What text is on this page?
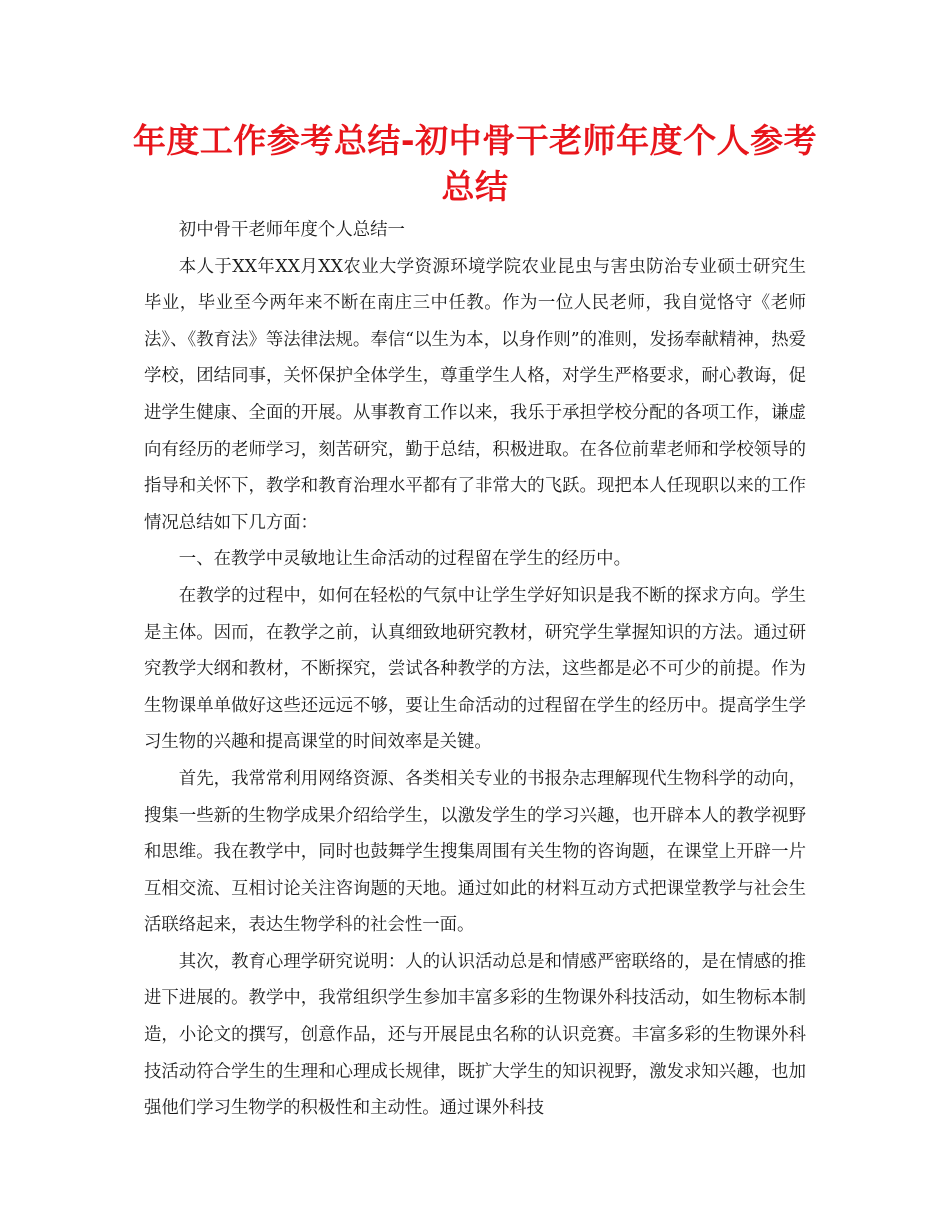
年度工作参考总结-初中骨干老师年度个人参考总结

初中骨干老师年度个人总结一

本人于XX年XX月XX农业大学资源环境学院农业昆虫与害虫防治专业硕士研究生毕业，毕业至今两年来不断在南庄三中任教。作为一位人民老师，我自觉恪守《老师法》、《教育法》等法律法规。奉信“以生为本，以身作则”的准则，发扬奉献精神，热爱学校，团结同事，关怀保护全体学生，尊重学生人格，对学生严格要求，耐心教诲，促进学生健康、全面的开展。从事教育工作以来，我乐于承担学校分配的各项工作，谦虚向有经历的老师学习，刻苦研究，勤于总结，积极进取。在各位前辈老师和学校领导的指导和关怀下，教学和教育治理水平都有了非常大的飞跃。现把本人任现职以来的工作情况总结如下几方面：

一、在教学中灵敏地让生命活动的过程留在学生的经历中。

在教学的过程中，如何在轻松的气氛中让学生学好知识是我不断的探求方向。学生是主体。因而，在教学之前，认真细致地研究教材，研究学生掌握知识的方法。通过研究教学大纲和教材，不断探究，尝试各种教学的方法，这些都是必不可少的前提。作为生物课单单做好这些还远远不够，要让生命活动的过程留在学生的经历中。提高学生学习生物的兴趣和提高课堂的时间效率是关键。

首先，我常常利用网络资源、各类相关专业的书报杂志理解现代生物科学的动向，搜集一些新的生物学成果介绍给学生，以激发学生的学习兴趣，也开辟本人的教学视野和思维。我在教学中，同时也鼓舞学生搜集周围有关生物的咨询题，在课堂上开辟一片互相交流、互相讨论关注咨询题的天地。通过如此的材料互动方式把课堂教学与社会生活联络起来，表达生物学科的社会性一面。

其次，教育心理学研究说明：人的认识活动总是和情感严密联络的，是在情感的推进下进展的。教学中，我常组织学生参加丰富多彩的生物课外科技活动，如生物标本制造，小论文的撰写，创意作品，还与开展昆虫名称的认识竞赛。丰富多彩的生物课外科技活动符合学生的生理和心理成长规律，既扩大学生的知识视野，激发求知兴趣，也加强他们学习生物学的积极性和主动性。通过课外科技
